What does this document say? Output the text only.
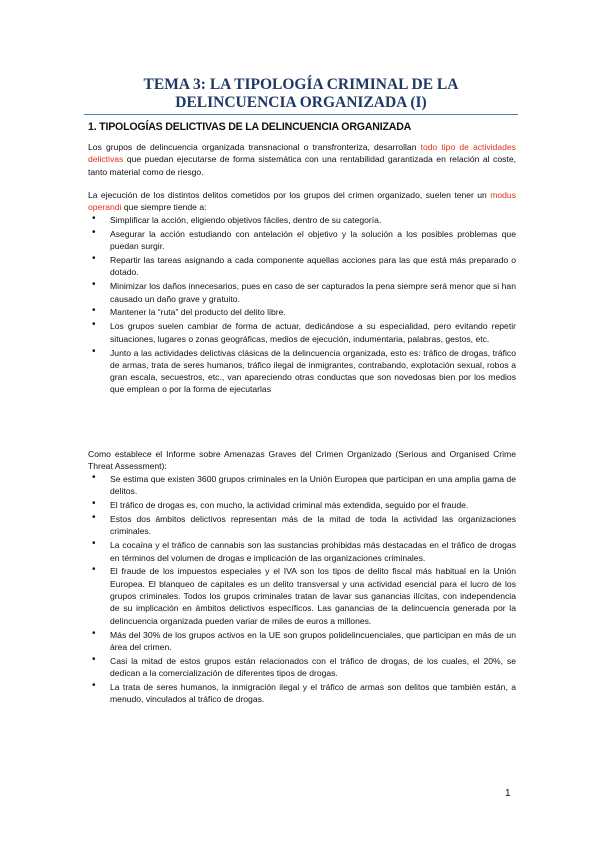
TEMA 3: LA TIPOLOGÍA CRIMINAL DE LA DELINCUENCIA ORGANIZADA (I)
1. TIPOLOGÍAS DELICTIVAS DE LA DELINCUENCIA ORGANIZADA

Los grupos de delincuencia organizada transnacional o transfronteriza, desarrollan todo tipo de actividades delictivas que puedan ejecutarse de forma sistemática con una rentabilidad garantizada en relación al coste, tanto material como de riesgo.

La ejecución de los distintos delitos cometidos por los grupos del crimen organizado, suelen tener un modus operandi que siempre tiende a:

• Simplificar la acción, eligiendo objetivos fáciles, dentro de su categoría.
• Asegurar la acción estudiando con antelación el objetivo y la solución a los posibles problemas que puedan surgir.
• Repartir las tareas asignando a cada componente aquellas acciones para las que está más preparado o dotado.
• Minimizar los daños innecesarios, pues en caso de ser capturados la pena siempre será menor que si han causado un daño grave y gratuito.
• Mantener la “ruta” del producto del delito libre.
• Los grupos suelen cambiar de forma de actuar, dedicándose a su especialidad, pero evitando repetir situaciones, lugares o zonas geográficas, medios de ejecución, indumentaria, palabras, gestos, etc.
• Junto a las actividades delictivas clásicas de la delincuencia organizada, esto es: tráfico de drogas, tráfico de armas, trata de seres humanos, tráfico ilegal de inmigrantes, contrabando, explotación sexual, robos a gran escala, secuestros, etc., van apareciendo otras conductas que son novedosas bien por los medios que emplean o por la forma de ejecutarlas

Como establece el Informe sobre Amenazas Graves del Crimen Organizado (Serious and Organised Crime Threat Assessment):

• Se estima que existen 3600 grupos criminales en la Unión Europea que participan en una amplia gama de delitos.
• El tráfico de drogas es, con mucho, la actividad criminal más extendida, seguido por el fraude.
• Estos dos ámbitos delictivos representan más de la mitad de toda la actividad las organizaciones criminales.
• La cocaína y el tráfico de cannabis son las sustancias prohibidas más destacadas en el tráfico de drogas en términos del volumen de drogas e implicación de las organizaciones criminales.
• El fraude de los impuestos especiales y el IVA son los tipos de delito fiscal más habitual en la Unión Europea. El blanqueo de capitales es un delito transversal y una actividad esencial para el lucro de los grupos criminales. Todos los grupos criminales tratan de lavar sus ganancias ilícitas, con independencia de su implicación en ámbitos delictivos específicos. Las ganancias de la delincuencia generada por la delincuencia organizada pueden variar de miles de euros a millones.
• Más del 30% de los grupos activos en la UE son grupos polidelincuenciales, que participan en más de un área del crimen.
• Casi la mitad de estos grupos están relacionados con el tráfico de drogas, de los cuales, el 20%, se dedican a la comercialización de diferentes tipos de drogas.
• La trata de seres humanos, la inmigración ilegal y el tráfico de armas son delitos que también están, a menudo, vinculados al tráfico de drogas.
1
